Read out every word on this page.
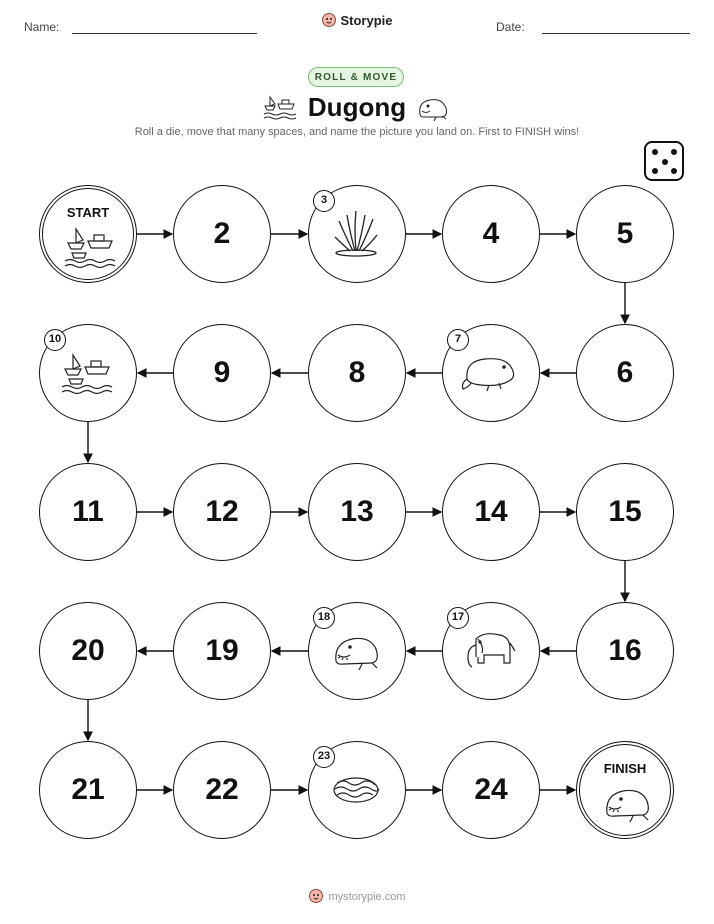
Name:	Storypie	Date:
ROLL & MOVE
Dugong
Roll a die, move that many spaces, and name the picture you land on. First to FINISH wins!
START
2
3
4	5
6
7
8
9
10
11	12	13	14	15
16
17
18
19
20
21	22
23
24
FINISH
mystorypie.com
